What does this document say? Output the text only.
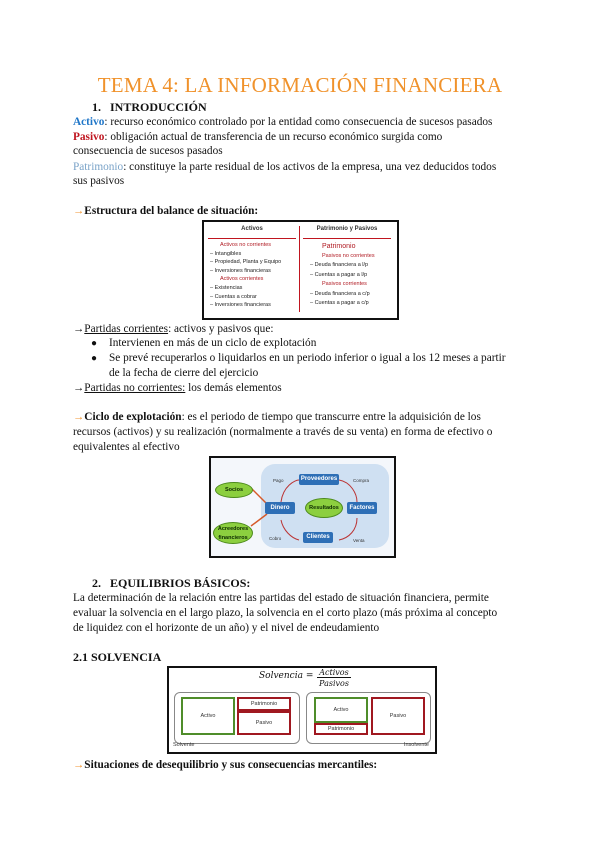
TEMA 4: LA INFORMACIÓN FINANCIERA
1. INTRODUCCIÓN
Activo: recurso económico controlado por la entidad como consecuencia de sucesos pasados
Pasivo: obligación actual de transferencia de un recurso económico surgida como
consecuencia de sucesos pasados
Patrimonio: constituye la parte residual de los activos de la empresa, una vez deducidos todos
sus pasivos
→Estructura del balance de situación:
Activos	Patrimonio y Pasivos
Activos no corrientes
– Intangibles
– Propiedad, Planta y Equipo
– Inversiones financieras
Activos corrientes
– Existencias
– Cuentas a cobrar
– Inversiones financieras
Patrimonio
Pasivos no corrientes
– Deuda financiera a l/p
– Cuentas a pagar a l/p
Pasivos corrientes
– Deuda financiera a c/p
– Cuentas a pagar a c/p
→Partidas corrientes: activos y pasivos que:
● Intervienen en más de un ciclo de explotación
● Se prevé recuperarlos o liquidarlos en un periodo inferior o igual a los 12 meses a partir
de la fecha de cierre del ejercicio
→Partidas no corrientes: los demás elementos
→Ciclo de explotación: es el periodo de tiempo que transcurre entre la adquisición de los
recursos (activos) y su realización (normalmente a través de su venta) en forma de efectivo o
equivalentes al efectivo
Socios
Acreedores financieros
Proveedores
Dinero	Resultados	Factores
Clientes
Pago	Compra
Cobro	Venta
2. EQUILIBRIOS BÁSICOS:
La determinación de la relación entre las partidas del estado de situación financiera, permite
evaluar la solvencia en el largo plazo, la solvencia en el corto plazo (más próxima al concepto
de liquidez con el horizonte de un año) y el nivel de endeudamiento
2.1 SOLVENCIA
Solvencia = Activos
Pasivos
Activo
Patrimonio
Pasivo
Activo
Patrimonio
Pasivo
Solvente	Insolvente
→Situaciones de desequilibrio y sus consecuencias mercantiles:
